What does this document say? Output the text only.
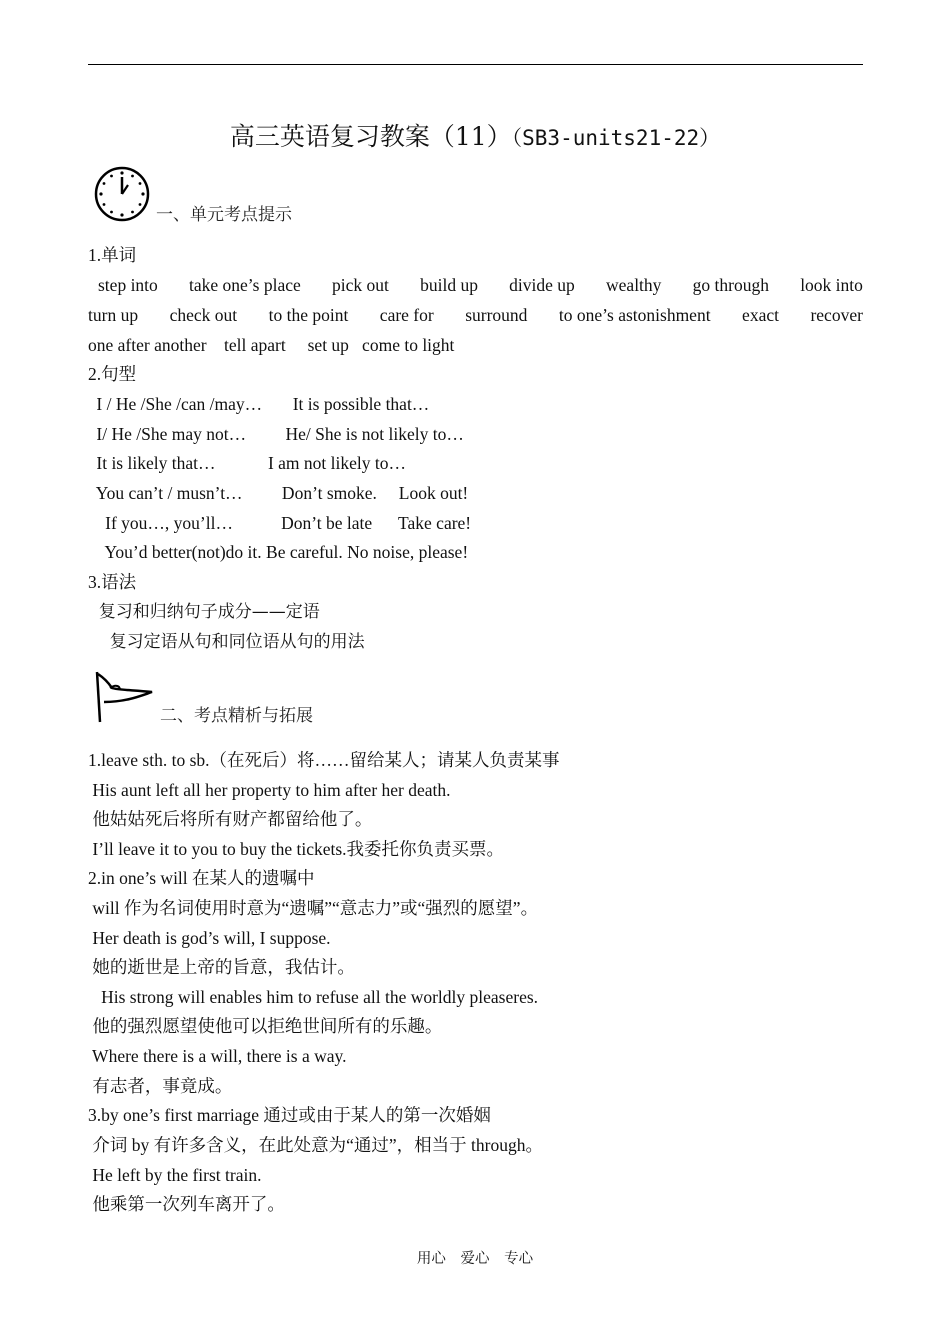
高三英语复习教案（11）（SB3-units21-22）
一、单元考点提示
1.单词
step into take one’s place pick out build up divide up wealthy go through look into
turn up check out to the point care for surround to one’s astonishment exact recover
one after another    tell apart     set up   come to light
2.句型
I / He /She /can /may…       It is possible that…
I/ He /She may not…         He/ She is not likely to…
It is likely that…            I am not likely to…
You can’t / musn’t…         Don’t smoke.     Look out!
If you…, you’ll…           Don’t be late      Take care!
You’d better(not)do it. Be careful. No noise, please!
3.语法
复习和归纳句子成分——定语
复习定语从句和同位语从句的用法
二、考点精析与拓展
1.leave sth. to sb.（在死后）将……留给某人；请某人负责某事
His aunt left all her property to him after her death.
他姑姑死后将所有财产都留给他了。
I’ll leave it to you to buy the tickets.我委托你负责买票。
2.in one’s will 在某人的遗嘱中
will 作为名词使用时意为“遗嘱”“意志力”或“强烈的愿望”。
Her death is god’s will, I suppose.
她的逝世是上帝的旨意，我估计。
His strong will enables him to refuse all the worldly pleaseres.
他的强烈愿望使他可以拒绝世间所有的乐趣。
Where there is a will, there is a way.
有志者，事竟成。
3.by one’s first marriage 通过或由于某人的第一次婚姻
介词 by 有许多含义，在此处意为“通过”，相当于 through。
He left by the first train.
他乘第一次列车离开了。
用心 爱心 专心
